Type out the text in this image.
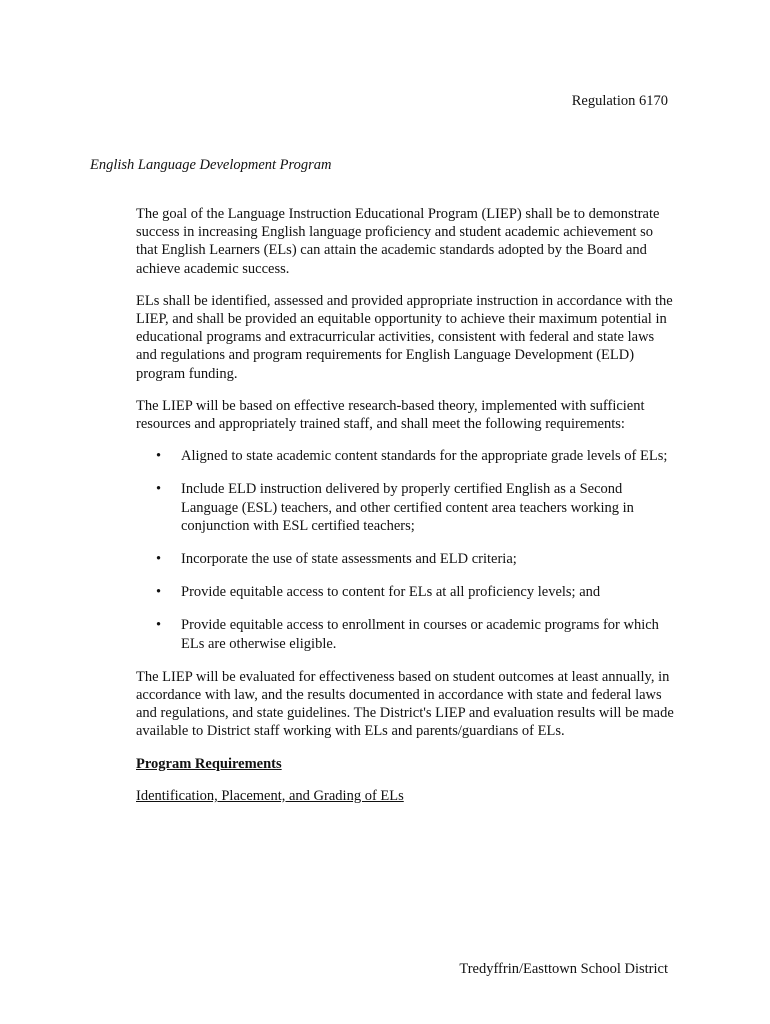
Regulation 6170
English Language Development Program

The goal of the Language Instruction Educational Program (LIEP) shall be to demonstrate success in increasing English language proficiency and student academic achievement so that English Learners (ELs) can attain the academic standards adopted by the Board and achieve academic success.

ELs shall be identified, assessed and provided appropriate instruction in accordance with the LIEP, and shall be provided an equitable opportunity to achieve their maximum potential in educational programs and extracurricular activities, consistent with federal and state laws and regulations and program requirements for English Language Development (ELD) program funding.

The LIEP will be based on effective research-based theory, implemented with sufficient resources and appropriately trained staff, and shall meet the following requirements:

• Aligned to state academic content standards for the appropriate grade levels of ELs;
• Include ELD instruction delivered by properly certified English as a Second Language (ESL) teachers, and other certified content area teachers working in conjunction with ESL certified teachers;
• Incorporate the use of state assessments and ELD criteria;
• Provide equitable access to content for ELs at all proficiency levels; and
• Provide equitable access to enrollment in courses or academic programs for which ELs are otherwise eligible.

The LIEP will be evaluated for effectiveness based on student outcomes at least annually, in accordance with law, and the results documented in accordance with state and federal laws and regulations, and state guidelines. The District's LIEP and evaluation results will be made available to District staff working with ELs and parents/guardians of ELs.

Program Requirements

Identification, Placement, and Grading of ELs

Tredyffrin/Easttown School District
